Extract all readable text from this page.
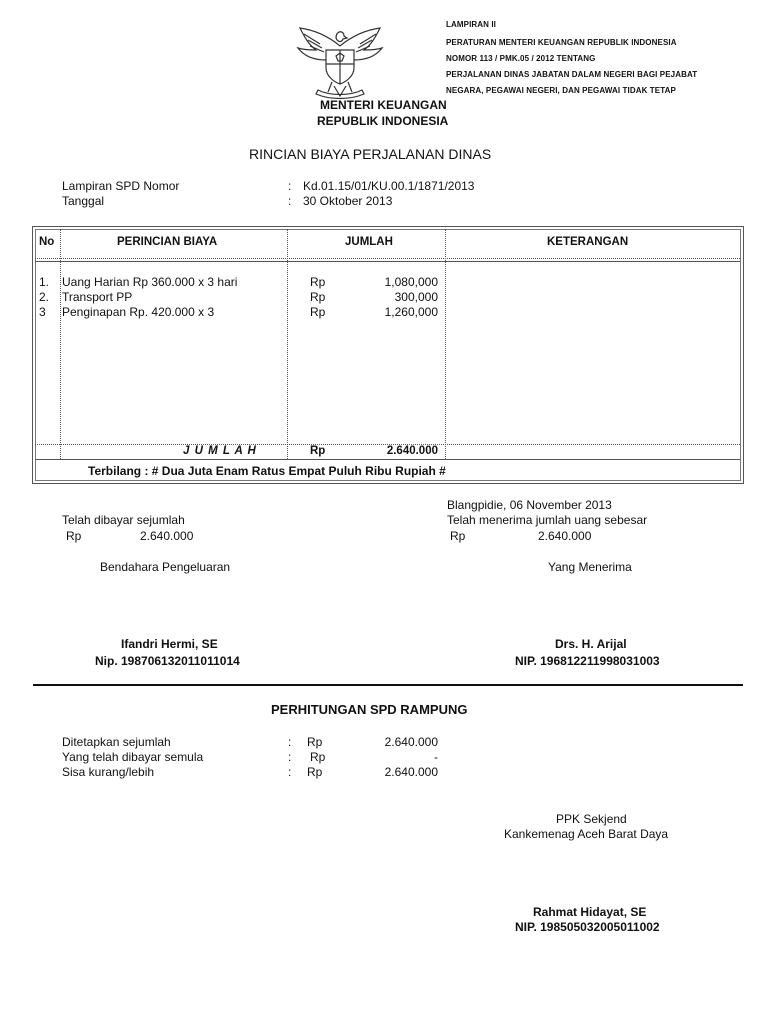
LAMPIRAN II
PERATURAN MENTERI KEUANGAN REPUBLIK INDONESIA
NOMOR 113 / PMK.05 / 2012 TENTANG
PERJALANAN DINAS JABATAN DALAM NEGERI BAGI PEJABAT
NEGARA, PEGAWAI NEGERI, DAN PEGAWAI TIDAK TETAP
MENTERI KEUANGAN
REPUBLIK INDONESIA
RINCIAN BIAYA PERJALANAN DINAS
Lampiran SPD Nomor	: Kd.01.15/01/KU.00.1/1871/2013
Tanggal	: 30 Oktober 2013
No	PERINCIAN BIAYA	JUMLAH	KETERANGAN
1. Uang Harian Rp 360.000 x 3 hari	Rp	1,080,000
2. Transport PP	Rp	300,000
3 Penginapan Rp. 420.000 x 3	Rp	1,260,000
J U M L A H	Rp	2.640.000
Terbilang : # Dua Juta Enam Ratus Empat Puluh Ribu Rupiah #
Blangpidie, 06 November 2013
Telah dibayar sejumlah	Telah menerima jumlah uang sebesar
Rp	2.640.000	Rp	2.640.000
Bendahara Pengeluaran	Yang Menerima
Ifandri Hermi, SE
Nip. 198706132011011014
Drs. H. Arijal
NIP. 196812211998031003
PERHITUNGAN SPD RAMPUNG
Ditetapkan sejumlah	: Rp	2.640.000
Yang telah dibayar semula	: Rp	-
Sisa kurang/lebih	: Rp	2.640.000
PPK Sekjend
Kankemenag Aceh Barat Daya
Rahmat Hidayat, SE
NIP. 198505032005011002
